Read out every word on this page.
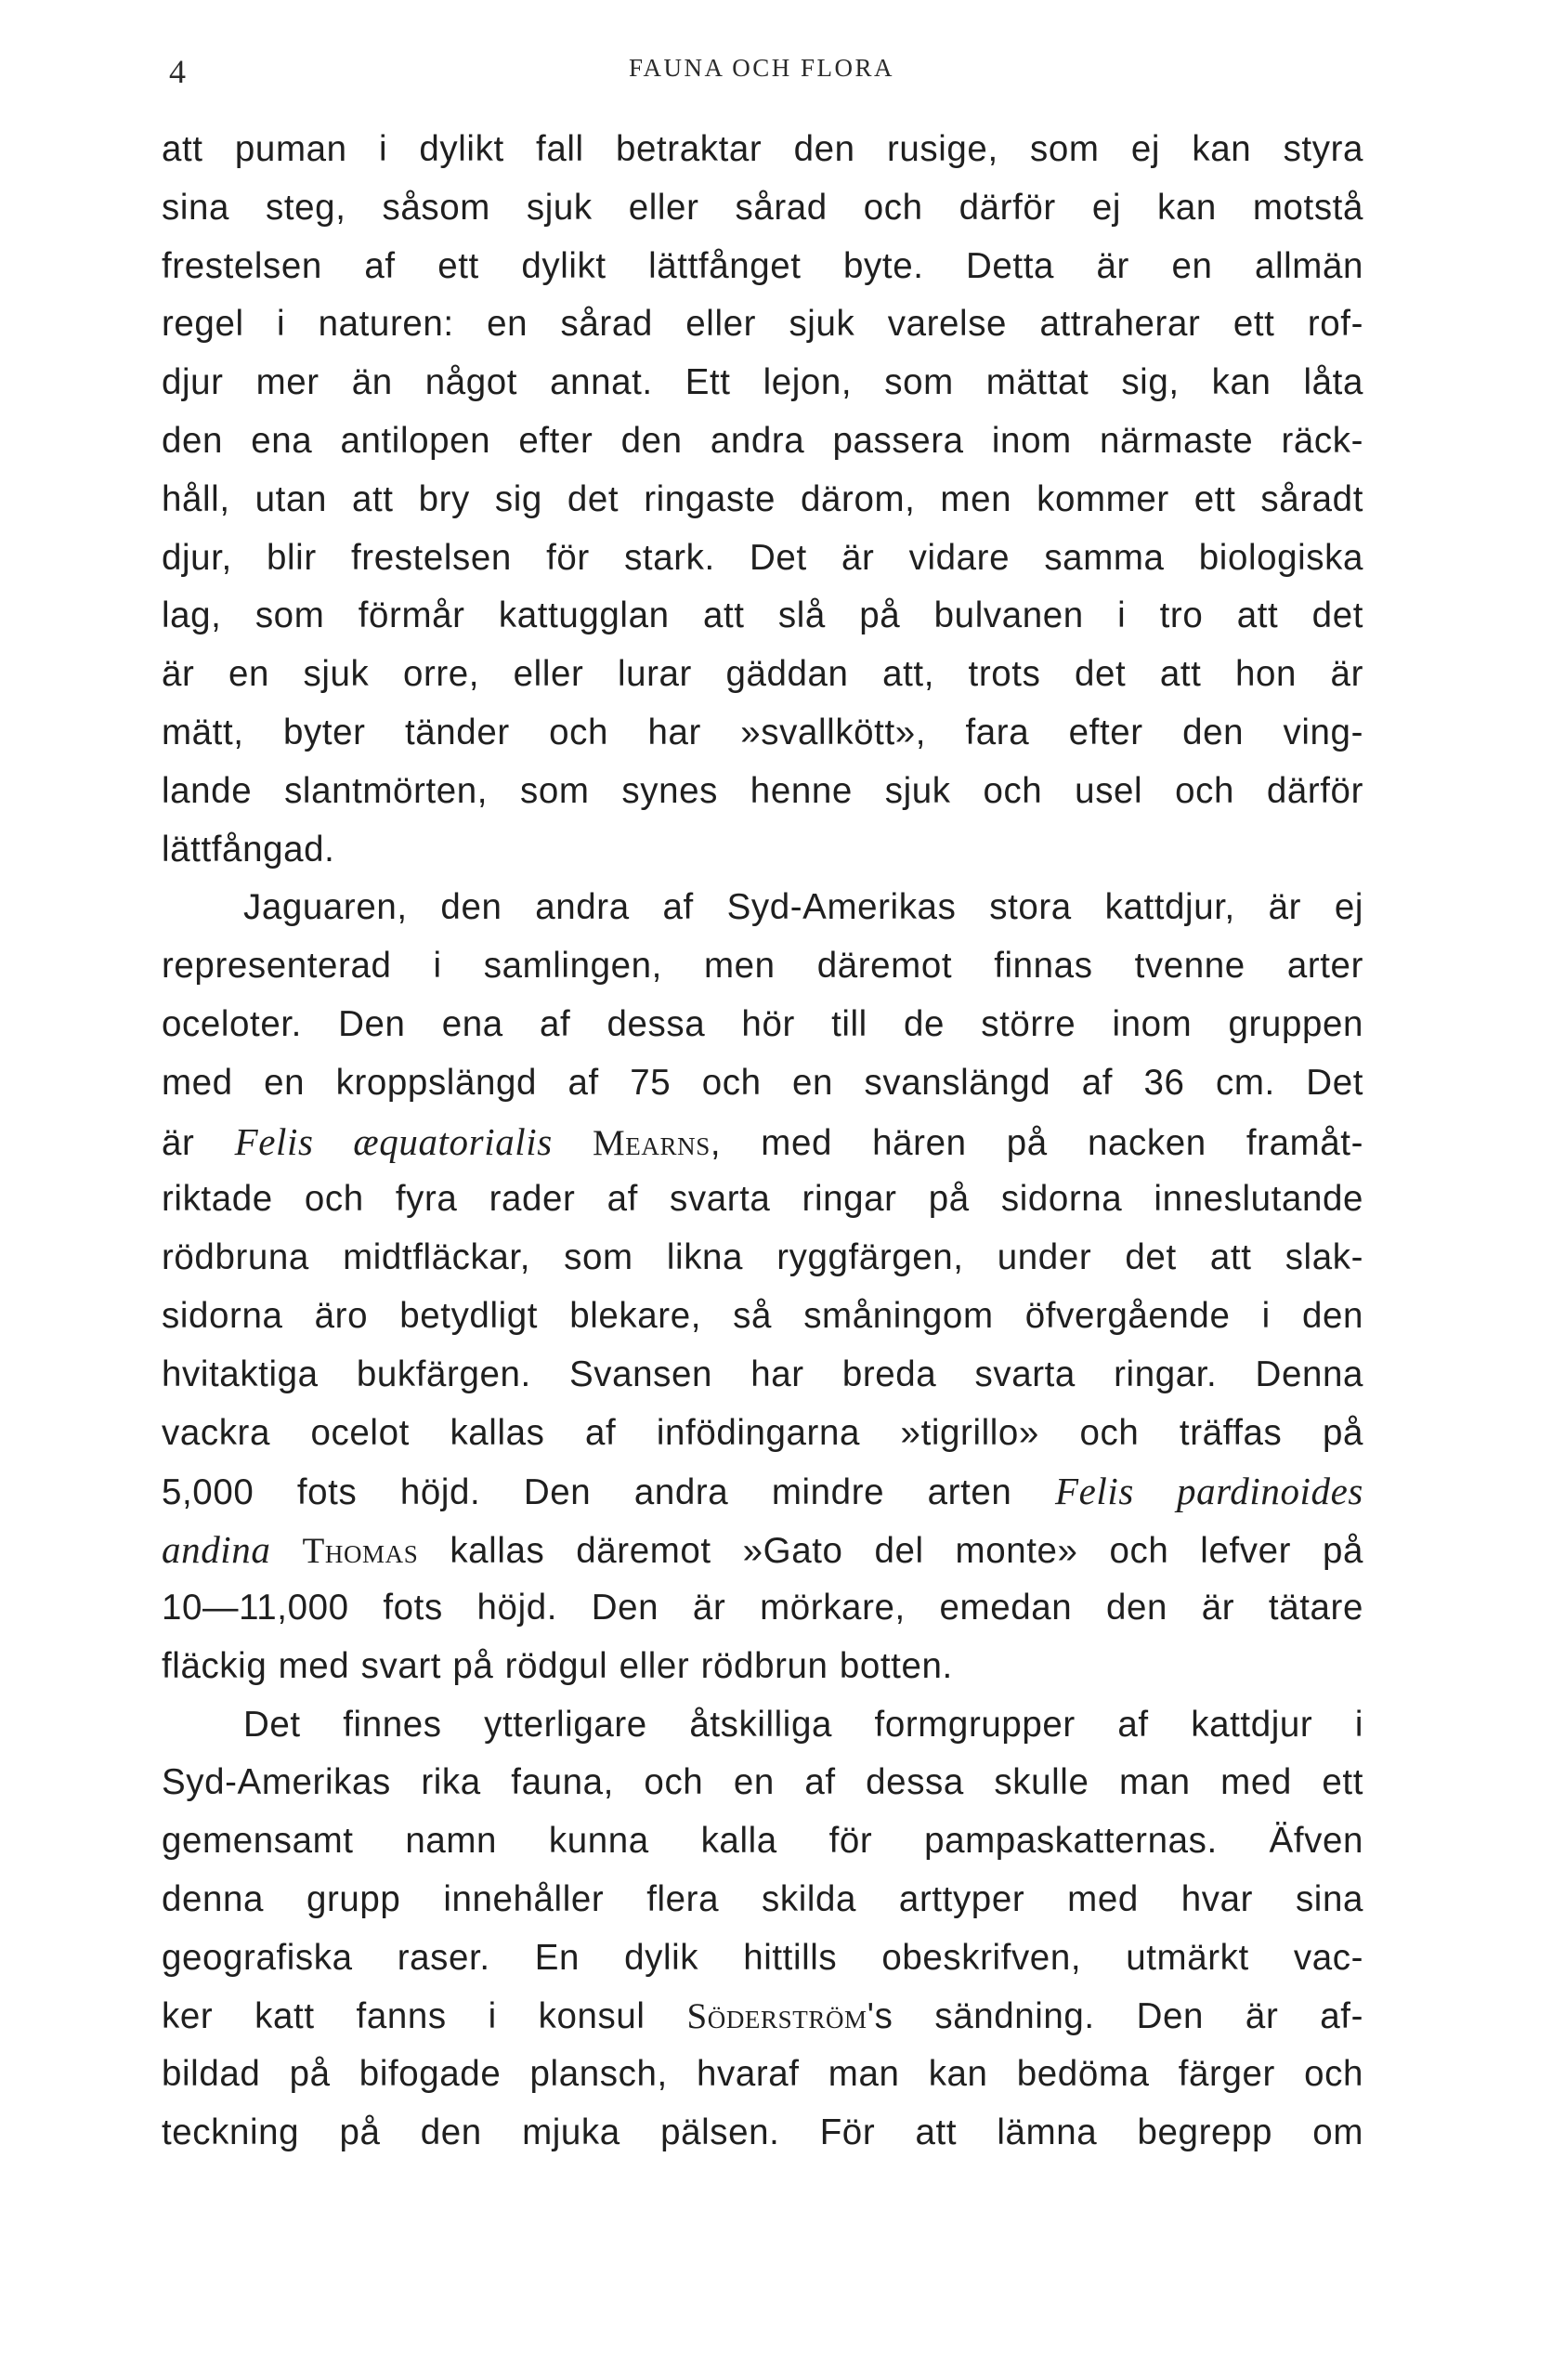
4	FAUNA OCH FLORA
att puman i dylikt fall betraktar den rusige, som ej kan styra
sina steg, såsom sjuk eller sårad och därför ej kan motstå
frestelsen af ett dylikt lättfånget byte. Detta är en allmän
regel i naturen: en sårad eller sjuk varelse attraherar ett rof-
djur mer än något annat. Ett lejon, som mättat sig, kan låta
den ena antilopen efter den andra passera inom närmaste räck-
håll, utan att bry sig det ringaste därom, men kommer ett såradt
djur, blir frestelsen för stark. Det är vidare samma biologiska
lag, som förmår kattugglan att slå på bulvanen i tro att det
är en sjuk orre, eller lurar gäddan att, trots det att hon är
mätt, byter tänder och har »svallkött», fara efter den ving-
lande slantmörten, som synes henne sjuk och usel och därför
lättfångad.
Jaguaren, den andra af Syd-Amerikas stora kattdjur, är ej
representerad i samlingen, men däremot finnas tvenne arter
oceloter. Den ena af dessa hör till de större inom gruppen
med en kroppslängd af 75 och en svanslängd af 36 cm. Det
är Felis æquatorialis Mearns, med hären på nacken framåt-
riktade och fyra rader af svarta ringar på sidorna inneslutande
rödbruna midtfläckar, som likna ryggfärgen, under det att slak-
sidorna äro betydligt blekare, så småningom öfvergående i den
hvitaktiga bukfärgen. Svansen har breda svarta ringar. Denna
vackra ocelot kallas af infödingarna »tigrillo» och träffas på
5,000 fots höjd. Den andra mindre arten Felis pardinoides
andina Thomas kallas däremot »Gato del monte» och lefver på
10—11,000 fots höjd. Den är mörkare, emedan den är tätare
fläckig med svart på rödgul eller rödbrun botten.
Det finnes ytterligare åtskilliga formgrupper af kattdjur i
Syd-Amerikas rika fauna, och en af dessa skulle man med ett
gemensamt namn kunna kalla för pampaskatternas. Äfven
denna grupp innehåller flera skilda arttyper med hvar sina
geografiska raser. En dylik hittills obeskrifven, utmärkt vac-
ker katt fanns i konsul Söderström's sändning. Den är af-
bildad på bifogade plansch, hvaraf man kan bedöma färger och
teckning på den mjuka pälsen. För att lämna begrepp om
